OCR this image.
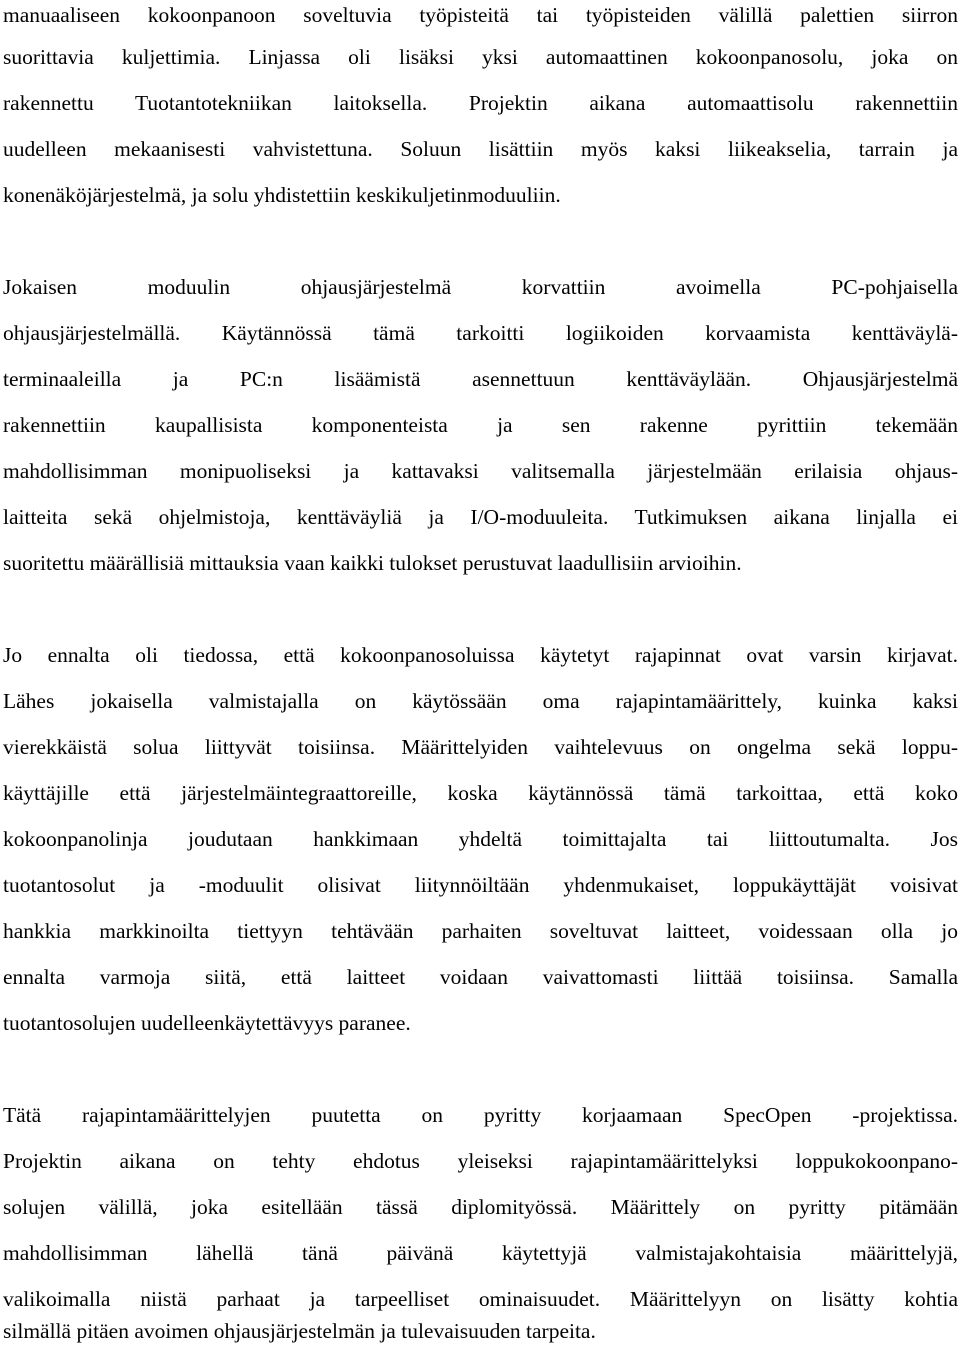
manuaaliseen kokoonpanoon soveltuvia työpisteitä tai työpisteiden välillä palettien siirron
suorittavia kuljettimia. Linjassa oli lisäksi yksi automaattinen kokoonpanosolu, joka on
rakennettu Tuotantotekniikan laitoksella. Projektin aikana automaattisolu rakennettiin
uudelleen mekaanisesti vahvistettuna. Soluun lisättiin myös kaksi liikeakselia, tarrain ja
konenäköjärjestelmä, ja solu yhdistettiin keskikuljetinmoduuliin.
Jokaisen moduulin ohjausjärjestelmä korvattiin avoimella PC-pohjaisella
ohjausjärjestelmällä. Käytännössä tämä tarkoitti logiikoiden korvaamista kenttäväylä-
terminaaleilla ja PC:n lisäämistä asennettuun kenttäväylään. Ohjausjärjestelmä
rakennettiin kaupallisista komponenteista ja sen rakenne pyrittiin tekemään
mahdollisimman monipuoliseksi ja kattavaksi valitsemalla järjestelmään erilaisia ohjaus-
laitteita sekä ohjelmistoja, kenttäväyliä ja I/O-moduuleita. Tutkimuksen aikana linjalla ei
suoritettu määrällisiä mittauksia vaan kaikki tulokset perustuvat laadullisiin arvioihin.
Jo ennalta oli tiedossa, että kokoonpanosoluissa käytetyt rajapinnat ovat varsin kirjavat.
Lähes jokaisella valmistajalla on käytössään oma rajapintamäärittely, kuinka kaksi
vierekkäistä solua liittyvät toisiinsa. Määrittelyiden vaihtelevuus on ongelma sekä loppu-
käyttäjille että järjestelmäintegraattoreille, koska käytännössä tämä tarkoittaa, että koko
kokoonpanolinja joudutaan hankkimaan yhdeltä toimittajalta tai liittoutumalta. Jos
tuotantosolut ja -moduulit olisivat liitynnöiltään yhdenmukaiset, loppukäyttäjät voisivat
hankkia markkinoilta tiettyyn tehtävään parhaiten soveltuvat laitteet, voidessaan olla jo
ennalta varmoja siitä, että laitteet voidaan vaivattomasti liittää toisiinsa. Samalla
tuotantosolujen uudelleenkäytettävyys paranee.
Tätä rajapintamäärittelyjen puutetta on pyritty korjaamaan SpecOpen -projektissa.
Projektin aikana on tehty ehdotus yleiseksi rajapintamäärittelyksi loppukokoonpano-
solujen välillä, joka esitellään tässä diplomityössä. Määrittely on pyritty pitämään
mahdollisimman lähellä tänä päivänä käytettyjä valmistajakohtaisia määrittelyjä,
valikoimalla niistä parhaat ja tarpeelliset ominaisuudet. Määrittelyyn on lisätty kohtia
silmällä pitäen avoimen ohjausjärjestelmän ja tulevaisuuden tarpeita.
